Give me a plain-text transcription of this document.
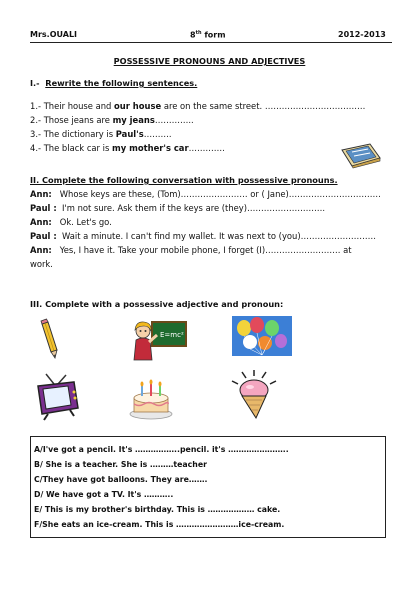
Mrs.OUALI	8th form	2012-2013
POSSESSIVE PRONOUNS AND ADJECTIVES
I.- Rewrite the following sentences.
1.- Their house and our house are on the same street. ………………………………
2.- Those jeans are my jeans…………..
3.- The dictionary is Paul's……….
4.- The black car is my mother's car………….
II. Complete the following conversation with possessive pronouns.
Ann: Whose keys are these, (Tom)…………………… or ( Jane)……………………………
Paul : I'm not sure. Ask them if the keys are (they)……………………….
Ann: Ok. Let's go.
Paul : Wait a minute. I can't find my wallet. It was next to (you)………………………
Ann: Yes, I have it. Take your mobile phone, I forget (I)……………………… at
work.
III. Complete with a possessive adjective and pronoun:
E=mc²
A/I've got a pencil. It's ……………..pencil. it's …………………..
B/ She is a teacher. She is ………teacher
C/They have got balloons. They are…….
D/ We have got a TV. It's ………..
E/ This is my brother's birthday. This is ……………… cake.
F/She eats an ice-cream. This is ……………………ice-cream.
